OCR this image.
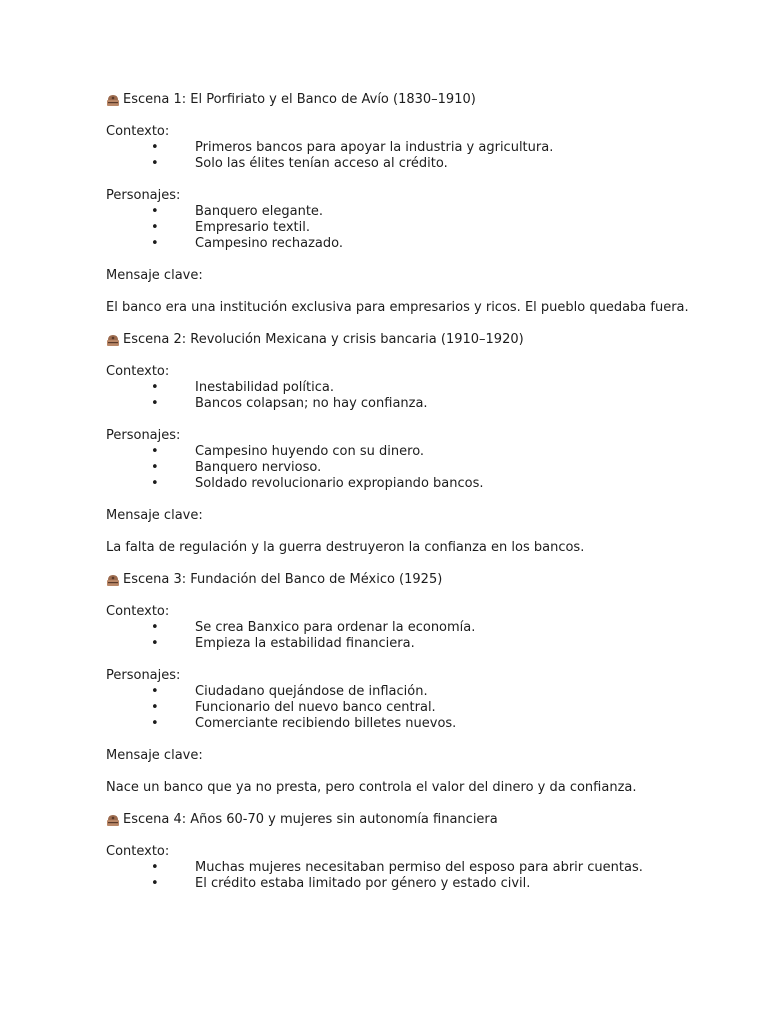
Escena 1: El Porfiriato y el Banco de Avío (1830–1910)
Contexto:
•	Primeros bancos para apoyar la industria y agricultura.
•	Solo las élites tenían acceso al crédito.
Personajes:
•	Banquero elegante.
•	Empresario textil.
•	Campesino rechazado.
Mensaje clave:
El banco era una institución exclusiva para empresarios y ricos. El pueblo quedaba fuera.
Escena 2: Revolución Mexicana y crisis bancaria (1910–1920)
Contexto:
•	Inestabilidad política.
•	Bancos colapsan; no hay confianza.
Personajes:
•	Campesino huyendo con su dinero.
•	Banquero nervioso.
•	Soldado revolucionario expropiando bancos.
Mensaje clave:
La falta de regulación y la guerra destruyeron la confianza en los bancos.
Escena 3: Fundación del Banco de México (1925)
Contexto:
•	Se crea Banxico para ordenar la economía.
•	Empieza la estabilidad financiera.
Personajes:
•	Ciudadano quejándose de inflación.
•	Funcionario del nuevo banco central.
•	Comerciante recibiendo billetes nuevos.
Mensaje clave:
Nace un banco que ya no presta, pero controla el valor del dinero y da confianza.
Escena 4: Años 60-70 y mujeres sin autonomía financiera
Contexto:
•	Muchas mujeres necesitaban permiso del esposo para abrir cuentas.
•	El crédito estaba limitado por género y estado civil.
